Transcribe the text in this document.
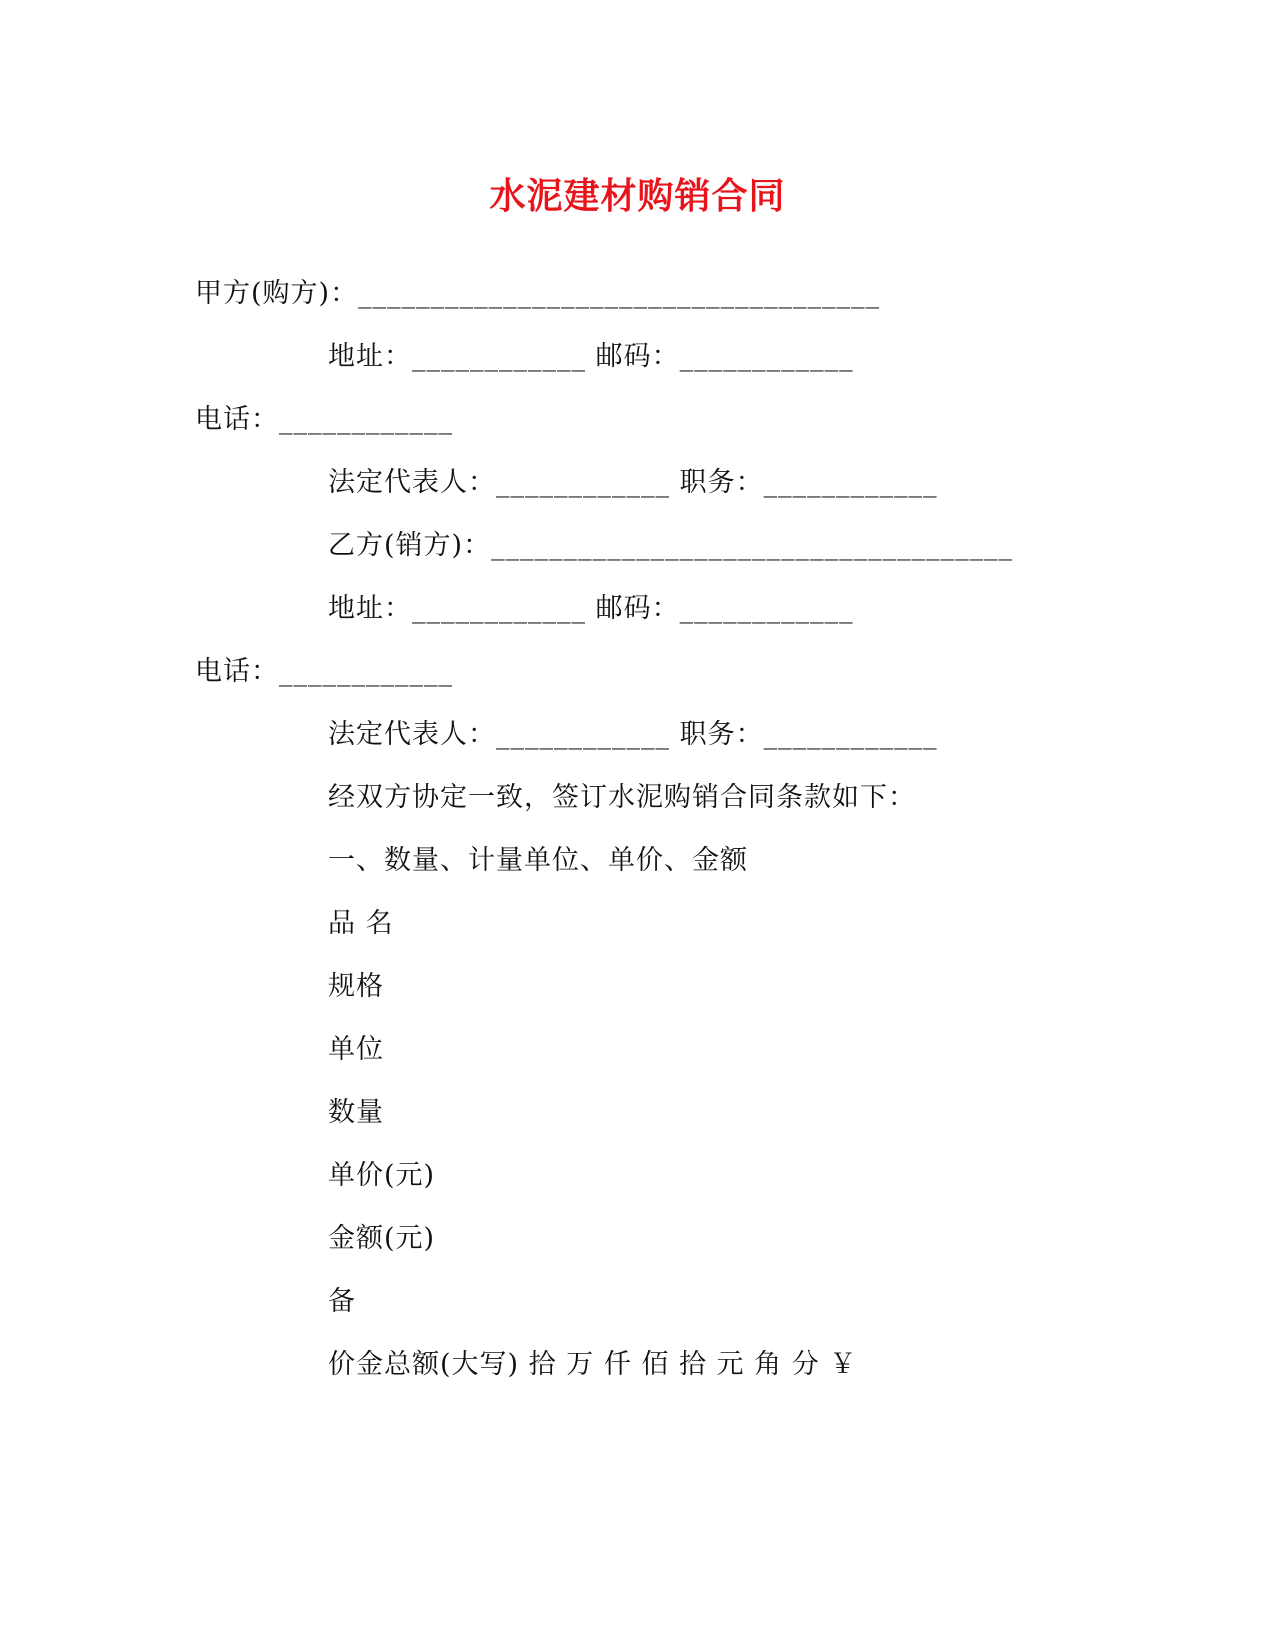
水泥建材购销合同
甲方(购方)：____________________________________
地址：____________ 邮码：____________
电话：____________
法定代表人：____________ 职务：____________
乙方(销方)：____________________________________
地址：____________ 邮码：____________
电话：____________
法定代表人：____________ 职务：____________
经双方协定一致，签订水泥购销合同条款如下：
一、数量、计量单位、单价、金额
品 名
规格
单位
数量
单价(元)
金额(元)
备
价金总额(大写) 拾 万 仟 佰 拾 元 角 分 ￥
